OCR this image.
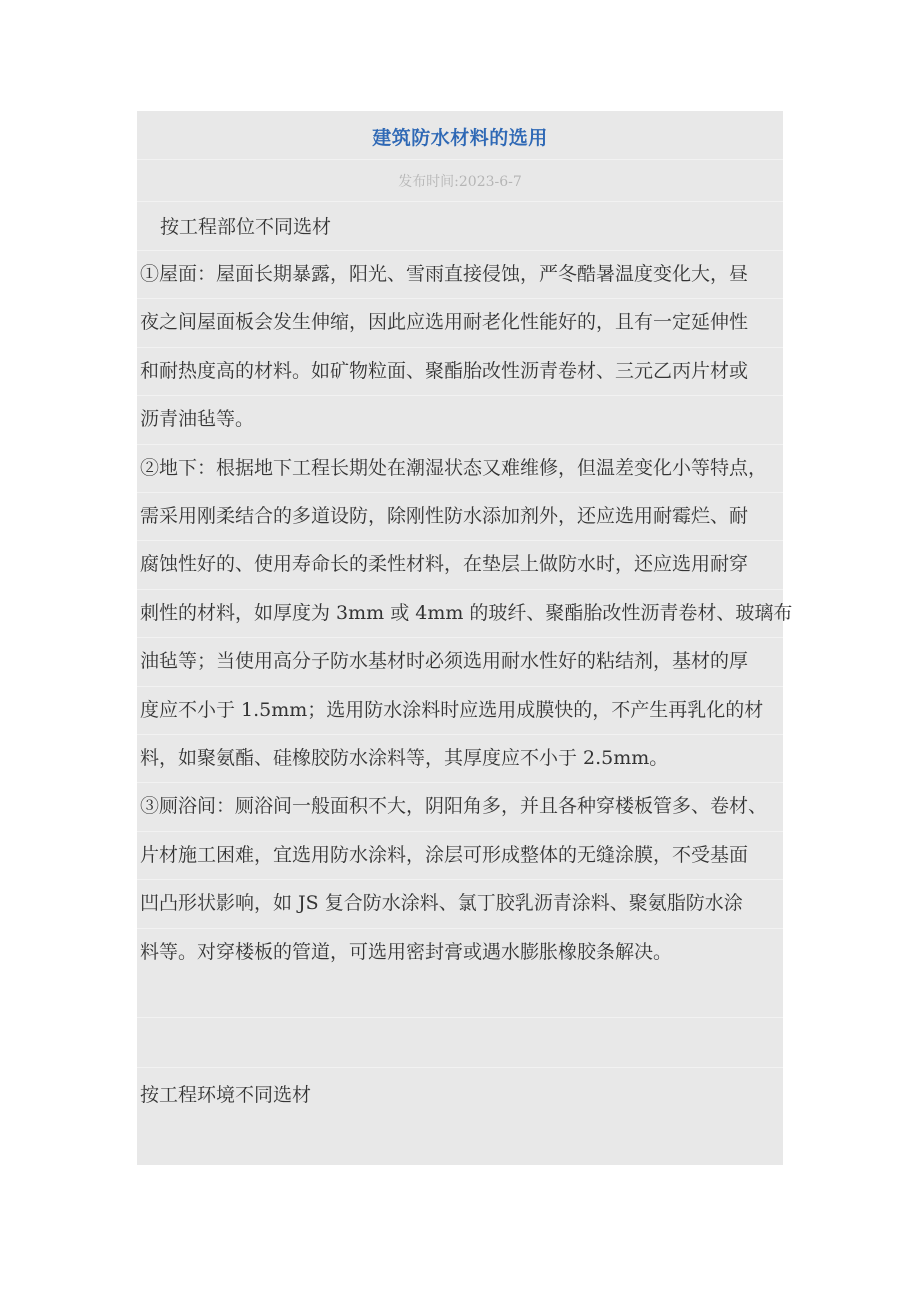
建筑防水材料的选用
发布时间:2023-6-7
按工程部位不同选材
①屋面：屋面长期暴露，阳光、雪雨直接侵蚀，严冬酷暑温度变化大，昼
夜之间屋面板会发生伸缩，因此应选用耐老化性能好的，且有一定延伸性
和耐热度高的材料。如矿物粒面、聚酯胎改性沥青卷材、三元乙丙片材或
沥青油毡等。
②地下：根据地下工程长期处在潮湿状态又难维修，但温差变化小等特点，
需采用刚柔结合的多道设防，除刚性防水添加剂外，还应选用耐霉烂、耐
腐蚀性好的、使用寿命长的柔性材料，在垫层上做防水时，还应选用耐穿
刺性的材料，如厚度为 3mm 或 4mm 的玻纤、聚酯胎改性沥青卷材、玻璃布
油毡等；当使用高分子防水基材时必须选用耐水性好的粘结剂，基材的厚
度应不小于 1.5mm；选用防水涂料时应选用成膜快的，不产生再乳化的材
料，如聚氨酯、硅橡胶防水涂料等，其厚度应不小于 2.5mm。
③厕浴间：厕浴间一般面积不大，阴阳角多，并且各种穿楼板管多、卷材、
片材施工困难，宜选用防水涂料，涂层可形成整体的无缝涂膜，不受基面
凹凸形状影响，如 JS 复合防水涂料、氯丁胶乳沥青涂料、聚氨脂防水涂
料等。对穿楼板的管道，可选用密封膏或遇水膨胀橡胶条解决。
按工程环境不同选材
